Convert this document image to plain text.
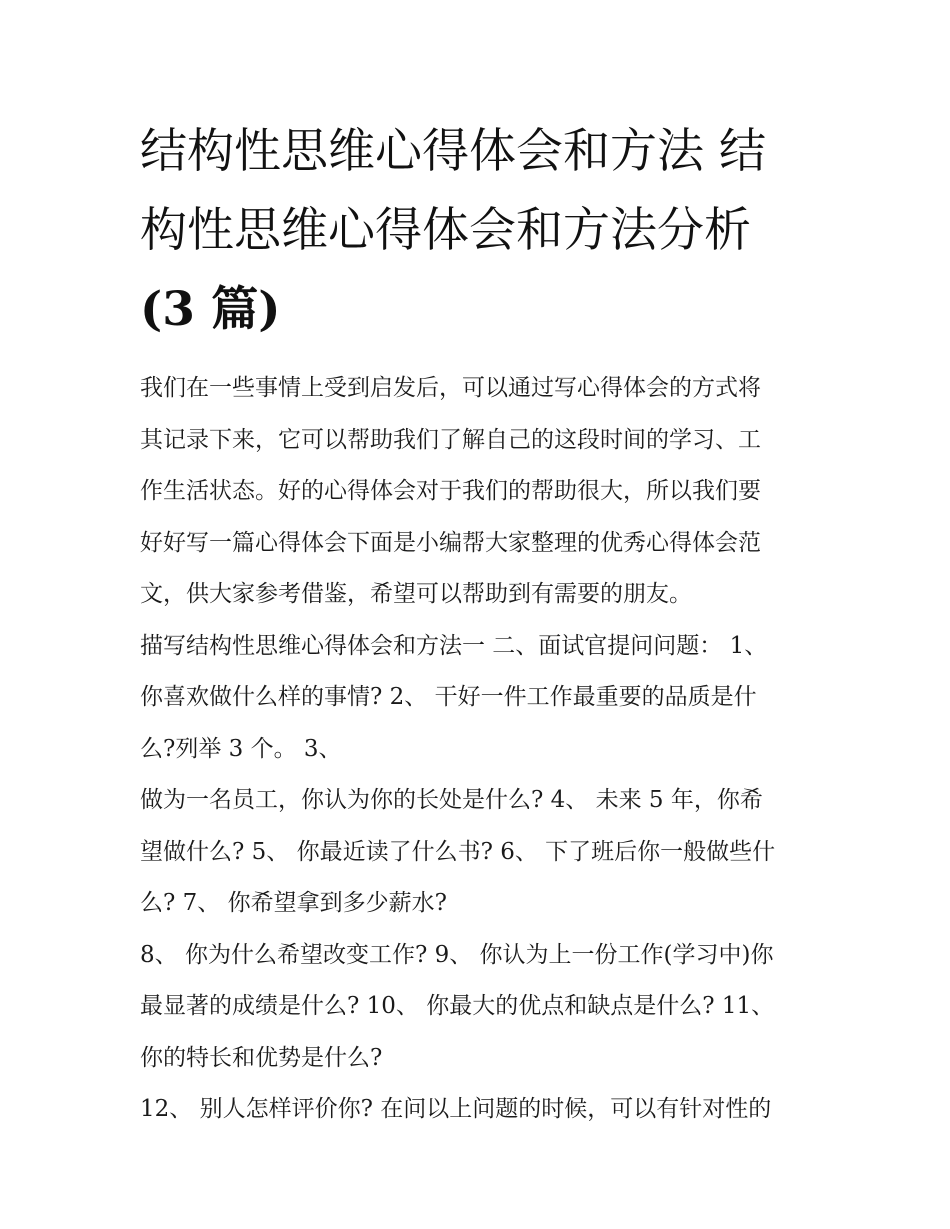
结构性思维心得体会和方法 结
构性思维心得体会和方法分析
(3 篇)

我们在一些事情上受到启发后，可以通过写心得体会的方式将
其记录下来，它可以帮助我们了解自己的这段时间的学习、工
作生活状态。好的心得体会对于我们的帮助很大，所以我们要
好好写一篇心得体会下面是小编帮大家整理的优秀心得体会范
文，供大家参考借鉴，希望可以帮助到有需要的朋友。

描写结构性思维心得体会和方法一 二、面试官提问问题： 1、
你喜欢做什么样的事情? 2、 干好一件工作最重要的品质是什
么?列举 3 个。 3、

做为一名员工，你认为你的长处是什么? 4、 未来 5 年，你希
望做什么? 5、 你最近读了什么书? 6、 下了班后你一般做些什
么? 7、 你希望拿到多少薪水?

8、 你为什么希望改变工作? 9、 你认为上一份工作(学习中)你
最显著的成绩是什么? 10、 你最大的优点和缺点是什么? 11、
你的特长和优势是什么?

12、 别人怎样评价你? 在问以上问题的时候，可以有针对性的
